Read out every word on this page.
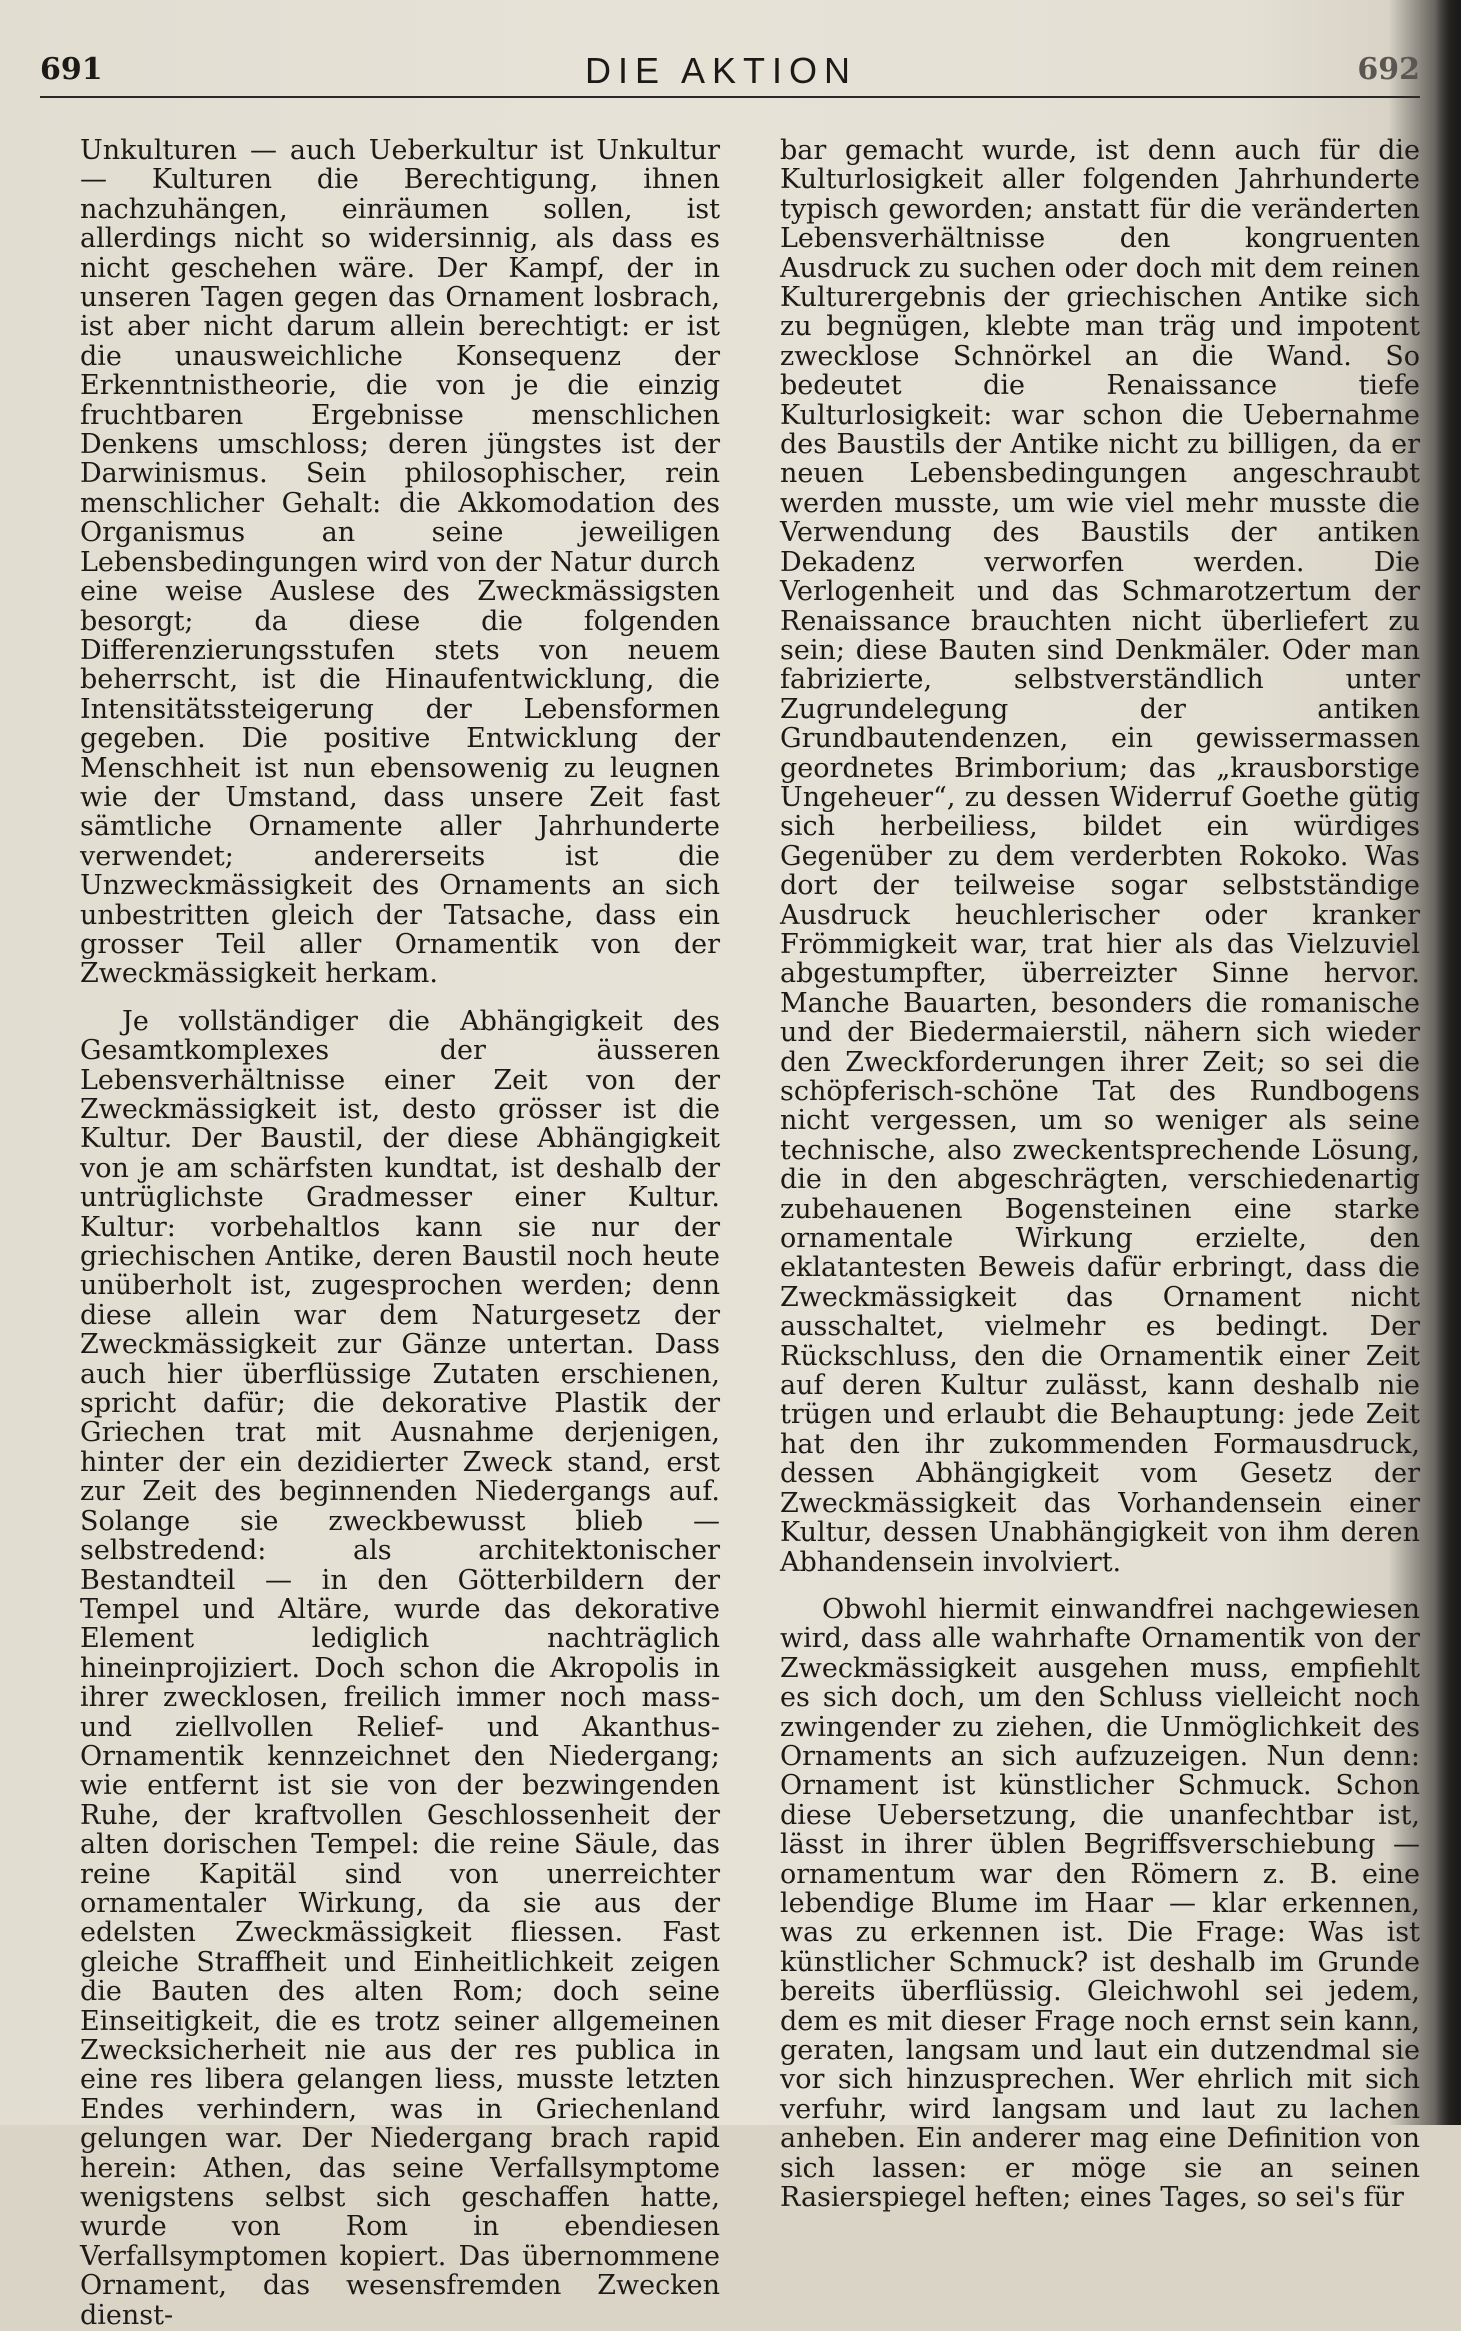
691	DIE AKTION	692

Unkulturen — auch Ueberkultur ist Unkultur — Kulturen die Berechtigung, ihnen nachzuhängen, einräumen sollen, ist allerdings nicht so widersinnig, als dass es nicht geschehen wäre. Der Kampf, der in unseren Tagen gegen das Ornament losbrach, ist aber nicht darum allein berechtigt: er ist die unausweichliche Konsequenz der Erkenntnistheorie, die von je die einzig fruchtbaren Ergebnisse menschlichen Denkens umschloss; deren jüngstes ist der Darwinismus. Sein philosophischer, rein menschlicher Gehalt: die Akkomodation des Organismus an seine jeweiligen Lebensbedingungen wird von der Natur durch eine weise Auslese des Zweckmässigsten besorgt; da diese die folgenden Differenzierungsstufen stets von neuem beherrscht, ist die Hinaufentwicklung, die Intensitätssteigerung der Lebensformen gegeben. Die positive Entwicklung der Menschheit ist nun ebensowenig zu leugnen wie der Umstand, dass unsere Zeit fast sämtliche Ornamente aller Jahrhunderte verwendet; andererseits ist die Unzweckmässigkeit des Ornaments an sich unbestritten gleich der Tatsache, dass ein grosser Teil aller Ornamentik von der Zweckmässigkeit herkam.

Je vollständiger die Abhängigkeit des Gesamtkomplexes der äusseren Lebensverhältnisse einer Zeit von der Zweckmässigkeit ist, desto grösser ist die Kultur. Der Baustil, der diese Abhängigkeit von je am schärfsten kundtat, ist deshalb der untrüglichste Gradmesser einer Kultur. Kultur: vorbehaltlos kann sie nur der griechischen Antike, deren Baustil noch heute unüberholt ist, zugesprochen werden; denn diese allein war dem Naturgesetz der Zweckmässigkeit zur Gänze untertan. Dass auch hier überflüssige Zutaten erschienen, spricht dafür; die dekorative Plastik der Griechen trat mit Ausnahme derjenigen, hinter der ein dezidierter Zweck stand, erst zur Zeit des beginnenden Niedergangs auf. Solange sie zweckbewusst blieb — selbstredend: als architektonischer Bestandteil — in den Götterbildern der Tempel und Altäre, wurde das dekorative Element lediglich nachträglich hineinprojiziert. Doch schon die Akropolis in ihrer zwecklosen, freilich immer noch mass- und ziellvollen Relief- und Akanthus-Ornamentik kennzeichnet den Niedergang; wie entfernt ist sie von der bezwingenden Ruhe, der kraftvollen Geschlossenheit der alten dorischen Tempel: die reine Säule, das reine Kapitäl sind von unerreichter ornamentaler Wirkung, da sie aus der edelsten Zweckmässigkeit fliessen. Fast gleiche Straffheit und Einheitlichkeit zeigen die Bauten des alten Rom; doch seine Einseitigkeit, die es trotz seiner allgemeinen Zwecksicherheit nie aus der res publica in eine res libera gelangen liess, musste letzten Endes verhindern, was in Griechenland gelungen war. Der Niedergang brach rapid herein: Athen, das seine Verfallsymptome wenigstens selbst sich geschaffen hatte, wurde von Rom in ebendiesen Verfallsymptomen kopiert. Das übernommene Ornament, das wesensfremden Zwecken dienst-

bar gemacht wurde, ist denn auch für die Kulturlosigkeit aller folgenden Jahrhunderte typisch geworden; anstatt für die veränderten Lebensverhältnisse den kongruenten Ausdruck zu suchen oder doch mit dem reinen Kulturergebnis der griechischen Antike sich zu begnügen, klebte man träg und impotent zwecklose Schnörkel an die Wand. So bedeutet die Renaissance tiefe Kulturlosigkeit: war schon die Uebernahme des Baustils der Antike nicht zu billigen, da er neuen Lebensbedingungen angeschraubt werden musste, um wie viel mehr musste die Verwendung des Baustils der antiken Dekadenz verworfen werden. Die Verlogenheit und das Schmarotzertum der Renaissance brauchten nicht überliefert zu sein; diese Bauten sind Denkmäler. Oder man fabrizierte, selbstverständlich unter Zugrundelegung der antiken Grundbautendenzen, ein gewissermassen geordnetes Brimborium; das „krausborstige Ungeheuer“, zu dessen Widerruf Goethe gütig sich herbeiliess, bildet ein würdiges Gegenüber zu dem verderbten Rokoko. Was dort der teilweise sogar selbstständige Ausdruck heuchlerischer oder kranker Frömmigkeit war, trat hier als das Vielzuviel abgestumpfter, überreizter Sinne hervor. Manche Bauarten, besonders die romanische und der Biedermaierstil, nähern sich wieder den Zweckforderungen ihrer Zeit; so sei die schöpferisch-schöne Tat des Rundbogens nicht vergessen, um so weniger als seine technische, also zweckentsprechende Lösung, die in den abgeschrägten, verschiedenartig zubehauenen Bogensteinen eine starke ornamentale Wirkung erzielte, den eklatantesten Beweis dafür erbringt, dass die Zweckmässigkeit das Ornament nicht ausschaltet, vielmehr es bedingt. Der Rückschluss, den die Ornamentik einer Zeit auf deren Kultur zulässt, kann deshalb nie trügen und erlaubt die Behauptung: jede Zeit hat den ihr zukommenden Formausdruck, dessen Abhängigkeit vom Gesetz der Zweckmässigkeit das Vorhandensein einer Kultur, dessen Unabhängigkeit von ihm deren Abhandensein involviert.

Obwohl hiermit einwandfrei nachgewiesen wird, dass alle wahrhafte Ornamentik von der Zweckmässigkeit ausgehen muss, empfiehlt es sich doch, um den Schluss vielleicht noch zwingender zu ziehen, die Unmöglichkeit des Ornaments an sich aufzuzeigen. Nun denn: Ornament ist künstlicher Schmuck. Schon diese Uebersetzung, die unanfechtbar ist, lässt in ihrer üblen Begriffsverschiebung — ornamentum war den Römern z. B. eine lebendige Blume im Haar — klar erkennen, was zu erkennen ist. Die Frage: Was ist künstlicher Schmuck? ist deshalb im Grunde bereits überflüssig. Gleichwohl sei jedem, dem es mit dieser Frage noch ernst sein kann, geraten, langsam und laut ein dutzendmal sie vor sich hinzusprechen. Wer ehrlich mit sich verfuhr, wird langsam und laut zu lachen anheben. Ein anderer mag eine Definition von sich lassen: er möge sie an seinen Rasierspiegel heften; eines Tages, so sei's für
